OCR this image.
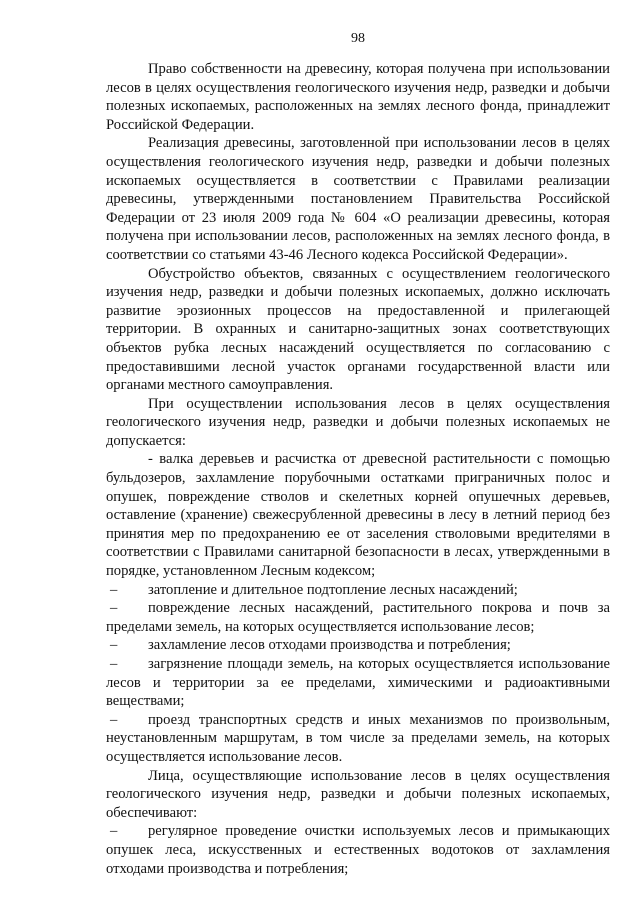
98

Право собственности на древесину, которая получена при использовании лесов в целях осуществления геологического изучения недр, разведки и добычи полезных ископаемых, расположенных на землях лесного фонда, принадлежит Российской Федерации.

Реализация древесины, заготовленной при использовании лесов в целях осуществления геологического изучения недр, разведки и добычи полезных ископаемых осуществляется в соответствии с Правилами реализации древесины, утвержденными постановлением Правительства Российской Федерации от 23 июля 2009 года № 604 «О реализации древесины, которая получена при использовании лесов, расположенных на землях лесного фонда, в соответствии со статьями 43-46 Лесного кодекса Российской Федерации».

Обустройство объектов, связанных с осуществлением геологического изучения недр, разведки и добычи полезных ископаемых, должно исключать развитие эрозионных процессов на предоставленной и прилегающей территории. В охранных и санитарно-защитных зонах соответствующих объектов рубка лесных насаждений осуществляется по согласованию с предоставившими лесной участок органами государственной власти или органами местного самоуправления.

При осуществлении использования лесов в целях осуществления геологического изучения недр, разведки и добычи полезных ископаемых не допускается:

- валка деревьев и расчистка от древесной растительности с помощью бульдозеров, захламление порубочными остатками приграничных полос и опушек, повреждение стволов и скелетных корней опушечных деревьев, оставление (хранение) свежесрубленной древесины в лесу в летний период без принятия мер по предохранению ее от заселения стволовыми вредителями в соответствии с Правилами санитарной безопасности в лесах, утвержденными в порядке, установленном Лесным кодексом;

– затопление и длительное подтопление лесных насаждений;

– повреждение лесных насаждений, растительного покрова и почв за пределами земель, на которых осуществляется использование лесов;

– захламление лесов отходами производства и потребления;

– загрязнение площади земель, на которых осуществляется использование лесов и территории за ее пределами, химическими и радиоактивными веществами;

– проезд транспортных средств и иных механизмов по произвольным, неустановленным маршрутам, в том числе за пределами земель, на которых осуществляется использование лесов.

Лица, осуществляющие использование лесов в целях осуществления геологического изучения недр, разведки и добычи полезных ископаемых, обеспечивают:

– регулярное проведение очистки используемых лесов и примыкающих опушек леса, искусственных и естественных водотоков от захламления отходами производства и потребления;
